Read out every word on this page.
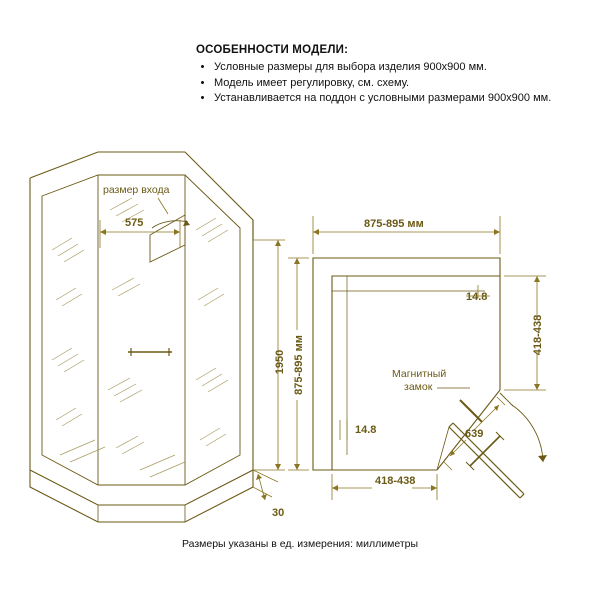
ОСОБЕННОСТИ МОДЕЛИ:
• Условные размеры для выбора изделия 900х900 мм.
• Модель имеет регулировку, см. схему.
• Устанавливается на поддон с условными размерами 900х900 мм.
размер входа
575
1950
30
875-895 мм
875-895 мм
418-438
14.8
14.8
418-438
639
Магнитный
замок
Размеры указаны в ед. измерения: миллиметры
